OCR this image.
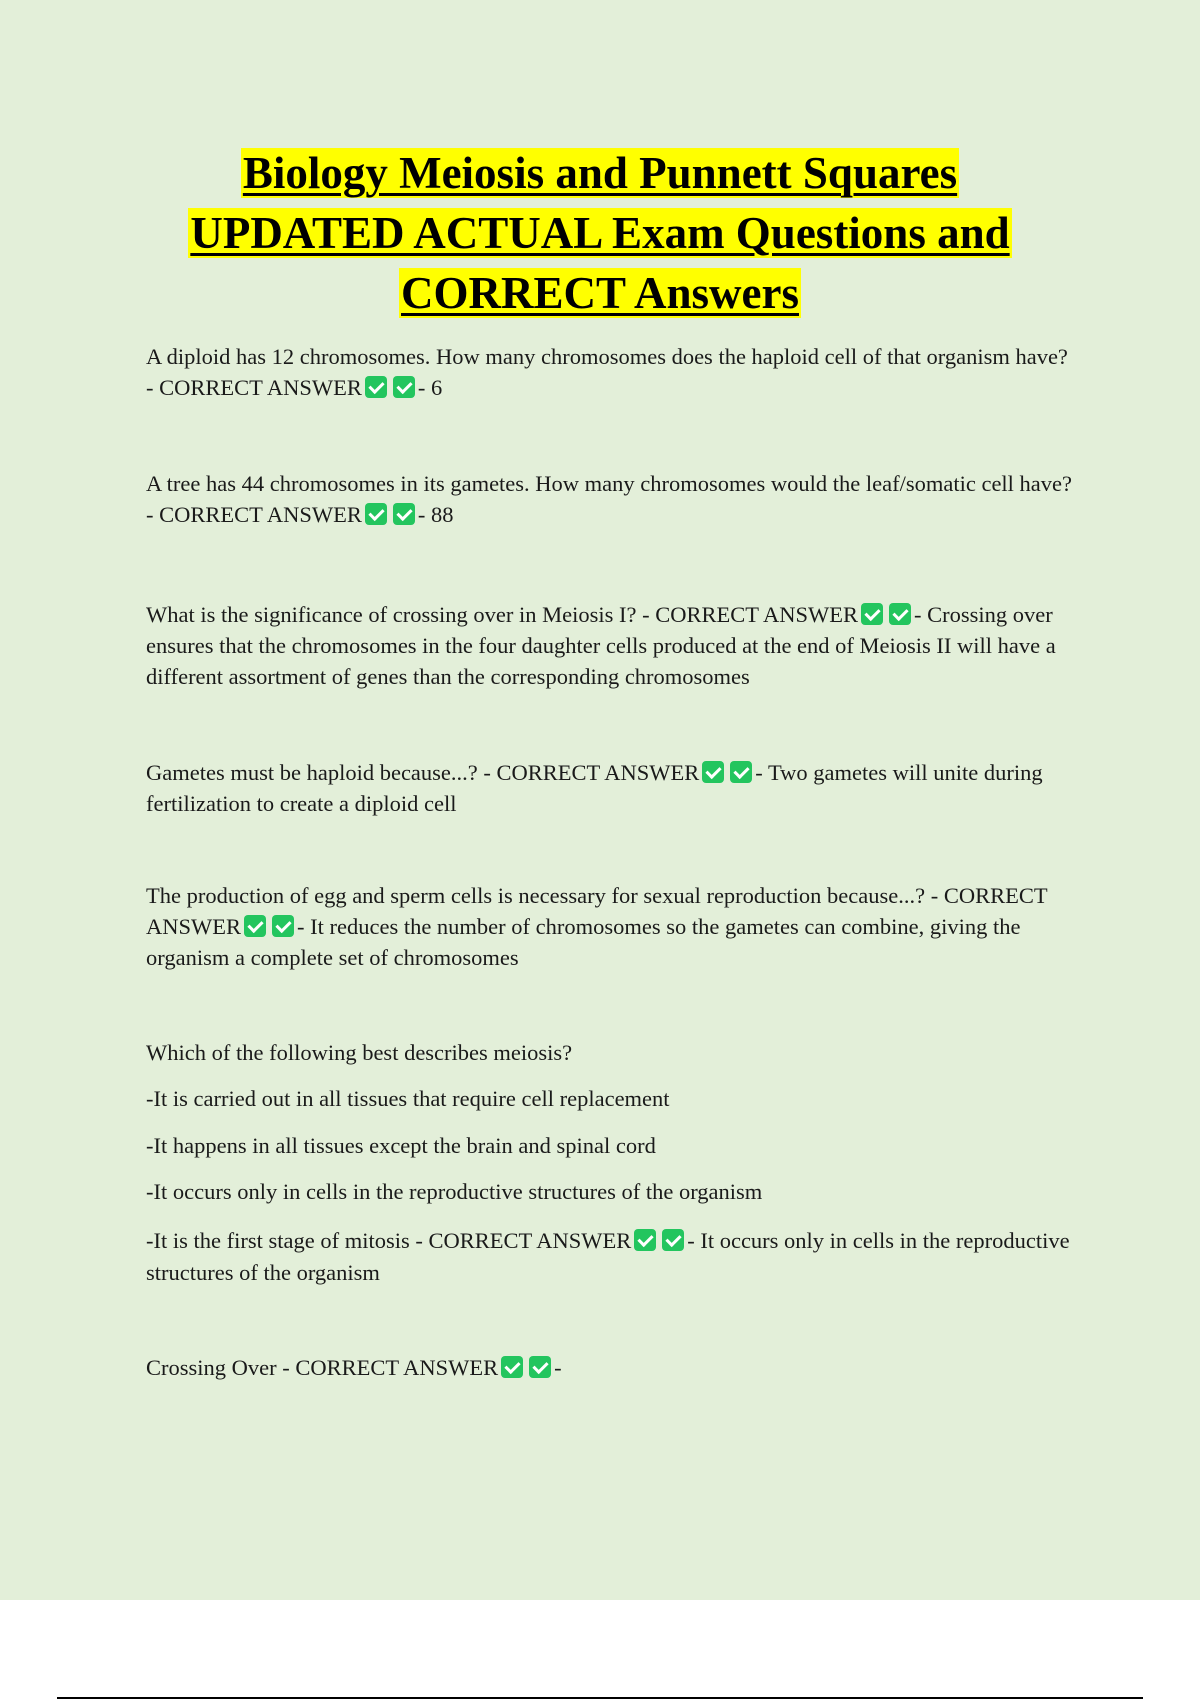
Biology Meiosis and Punnett Squares
UPDATED ACTUAL Exam Questions and
CORRECT Answers

A diploid has 12 chromosomes. How many chromosomes does the haploid cell of that organism have? - CORRECT ANSWER - 6

A tree has 44 chromosomes in its gametes. How many chromosomes would the leaf/somatic cell have? - CORRECT ANSWER - 88

What is the significance of crossing over in Meiosis I? - CORRECT ANSWER - Crossing over ensures that the chromosomes in the four daughter cells produced at the end of Meiosis II will have a different assortment of genes than the corresponding chromosomes

Gametes must be haploid because...? - CORRECT ANSWER - Two gametes will unite during fertilization to create a diploid cell

The production of egg and sperm cells is necessary for sexual reproduction because...? - CORRECT ANSWER - It reduces the number of chromosomes so the gametes can combine, giving the organism a complete set of chromosomes

Which of the following best describes meiosis?

-It is carried out in all tissues that require cell replacement

-It happens in all tissues except the brain and spinal cord

-It occurs only in cells in the reproductive structures of the organism

-It is the first stage of mitosis - CORRECT ANSWER - It occurs only in cells in the reproductive structures of the organism

Crossing Over - CORRECT ANSWER -
